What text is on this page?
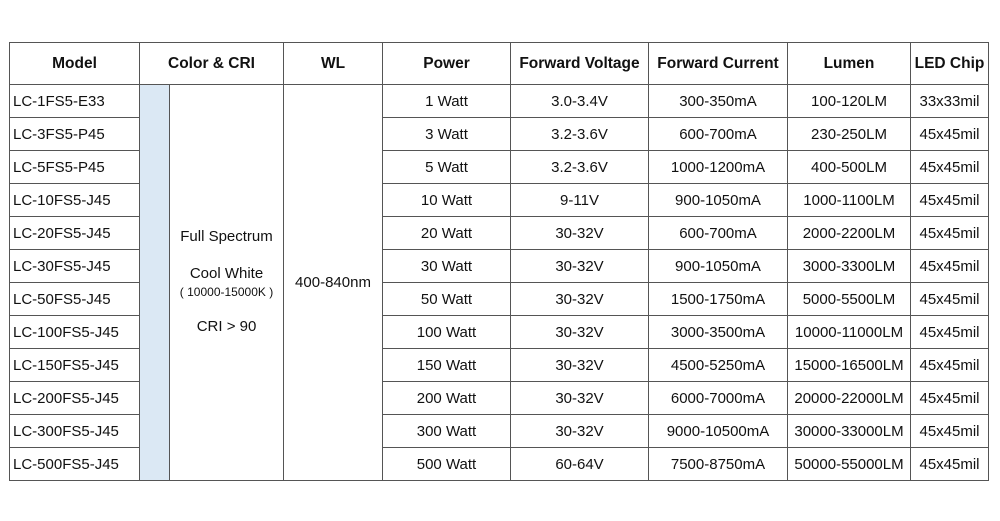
Model	Color & CRI		WL	Power	Forward Voltage	Forward Current	Lumen	LED Chip
LC-1FS5-E33		Full Spectrum
Cool White
( 10000-15000K )
CRI > 90	400-840nm	1 Watt	3.0-3.4V	300-350mA	100-120LM	33x33mil
LC-3FS5-P45				3 Watt	3.2-3.6V	600-700mA	230-250LM	45x45mil
LC-5FS5-P45				5 Watt	3.2-3.6V	1000-1200mA	400-500LM	45x45mil
LC-10FS5-J45				10 Watt	9-11V	900-1050mA	1000-1100LM	45x45mil
LC-20FS5-J45				20 Watt	30-32V	600-700mA	2000-2200LM	45x45mil
LC-30FS5-J45				30 Watt	30-32V	900-1050mA	3000-3300LM	45x45mil
LC-50FS5-J45				50 Watt	30-32V	1500-1750mA	5000-5500LM	45x45mil
LC-100FS5-J45				100 Watt	30-32V	3000-3500mA	10000-11000LM	45x45mil
LC-150FS5-J45				150 Watt	30-32V	4500-5250mA	15000-16500LM	45x45mil
LC-200FS5-J45				200 Watt	30-32V	6000-7000mA	20000-22000LM	45x45mil
LC-300FS5-J45				300 Watt	30-32V	9000-10500mA	30000-33000LM	45x45mil
LC-500FS5-J45				500 Watt	60-64V	7500-8750mA	50000-55000LM	45x45mil
